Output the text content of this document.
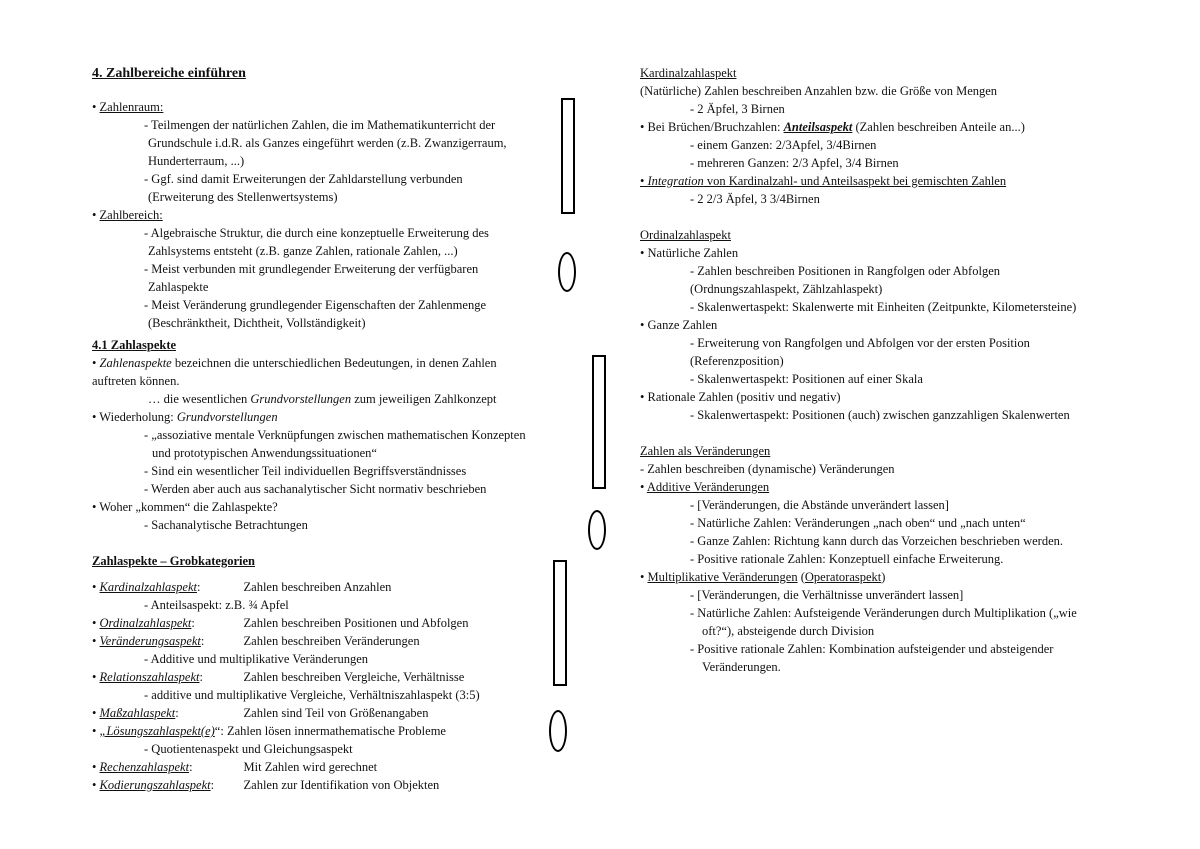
4. Zahlbereiche einführen
• Zahlenraum:
- Teilmengen der natürlichen Zahlen, die im Mathematikunterricht der
Grundschule i.d.R. als Ganzes eingeführt werden (z.B. Zwanzigerraum,
Hunderterraum, ...)
- Ggf. sind damit Erweiterungen der Zahldarstellung verbunden
(Erweiterung des Stellenwertsystems)
• Zahlbereich:
- Algebraische Struktur, die durch eine konzeptuelle Erweiterung des
Zahlsystems entsteht (z.B. ganze Zahlen, rationale Zahlen, ...)
- Meist verbunden mit grundlegender Erweiterung der verfügbaren
Zahlaspekte
- Meist Veränderung grundlegender Eigenschaften der Zahlenmenge
(Beschränktheit, Dichtheit, Vollständigkeit)
4.1 Zahlaspekte
• Zahlenaspekte bezeichnen die unterschiedlichen Bedeutungen, in denen Zahlen
auftreten können.
… die wesentlichen Grundvorstellungen zum jeweiligen Zahlkonzept
• Wiederholung: Grundvorstellungen
- „assoziative mentale Verknüpfungen zwischen mathematischen Konzepten
und prototypischen Anwendungssituationen“
- Sind ein wesentlicher Teil individuellen Begriffsverständnisses
- Werden aber auch aus sachanalytischer Sicht normativ beschrieben
• Woher „kommen“ die Zahlaspekte?
- Sachanalytische Betrachtungen
Zahlaspekte – Grobkategorien
• Kardinalzahlaspekt:	Zahlen beschreiben Anzahlen
- Anteilsaspekt: z.B. ¾ Apfel
• Ordinalzahlaspekt:	Zahlen beschreiben Positionen und Abfolgen
• Veränderungsaspekt:	Zahlen beschreiben Veränderungen
- Additive und multiplikative Veränderungen
• Relationszahlaspekt:	Zahlen beschreiben Vergleiche, Verhältnisse
- additive und multiplikative Vergleiche, Verhältniszahlaspekt (3:5)
• Maßzahlaspekt:	Zahlen sind Teil von Größenangaben
• „Lösungszahlaspekt(e)“: Zahlen lösen innermathematische Probleme
- Quotientenaspekt und Gleichungsaspekt
• Rechenzahlaspekt:	Mit Zahlen wird gerechnet
• Kodierungszahlaspekt: Zahlen zur Identifikation von Objekten
Kardinalzahlaspekt
(Natürliche) Zahlen beschreiben Anzahlen bzw. die Größe von Mengen
- 2 Äpfel, 3 Birnen
• Bei Brüchen/Bruchzahlen: Anteilsaspekt (Zahlen beschreiben Anteile an...)
- einem Ganzen: 2/3Apfel, 3/4Birnen
- mehreren Ganzen: 2/3 Apfel, 3/4 Birnen
• Integration von Kardinalzahl- und Anteilsaspekt bei gemischten Zahlen
- 2 2/3 Äpfel, 3 3/4Birnen
Ordinalzahlaspekt
• Natürliche Zahlen
- Zahlen beschreiben Positionen in Rangfolgen oder Abfolgen
(Ordnungszahlaspekt, Zählzahlaspekt)
- Skalenwertaspekt: Skalenwerte mit Einheiten (Zeitpunkte, Kilometersteine)
• Ganze Zahlen
- Erweiterung von Rangfolgen und Abfolgen vor der ersten Position
(Referenzposition)
- Skalenwertaspekt: Positionen auf einer Skala
• Rationale Zahlen (positiv und negativ)
- Skalenwertaspekt: Positionen (auch) zwischen ganzzahligen Skalenwerten
Zahlen als Veränderungen
- Zahlen beschreiben (dynamische) Veränderungen
• Additive Veränderungen
- [Veränderungen, die Abstände unverändert lassen]
- Natürliche Zahlen: Veränderungen „nach oben“ und „nach unten“
- Ganze Zahlen: Richtung kann durch das Vorzeichen beschrieben werden.
- Positive rationale Zahlen: Konzeptuell einfache Erweiterung.
• Multiplikative Veränderungen (Operatoraspekt)
- [Veränderungen, die Verhältnisse unverändert lassen]
- Natürliche Zahlen: Aufsteigende Veränderungen durch Multiplikation („wie
oft?“), absteigende durch Division
- Positive rationale Zahlen: Kombination aufsteigender und absteigender
Veränderungen.
